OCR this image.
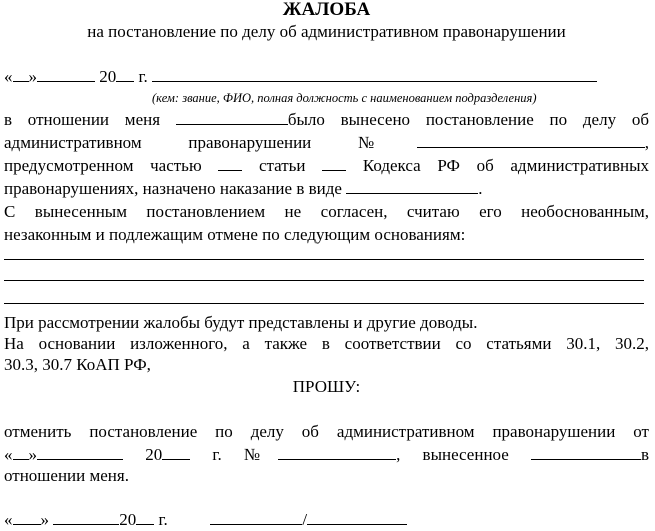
ЖАЛОБА
на постановление по делу об административном правонарушении
« »	20 г.
(кем: звание, ФИО, полная должность с наименованием подразделения)
в отношении меня	было вынесено постановление по делу об
административном	правонарушении	№	,
предусмотренном частью	статьи	Кодекса РФ об административных
правонарушениях, назначено наказание в виде	.
С вынесенным постановлением не согласен, считаю его необоснованным,
незаконным и подлежащим отмене по следующим основаниям:
При рассмотрении жалобы будут представлены и другие доводы.
На основании изложенного, а также в соответствии со статьями 30.1, 30.2,
30.3, 30.7 КоАП РФ,
ПРОШУ:
отменить постановление по делу об административном правонарушении от
« »	20	г. №	, вынесенное	в
отношении меня.
« »	20 г.	/
